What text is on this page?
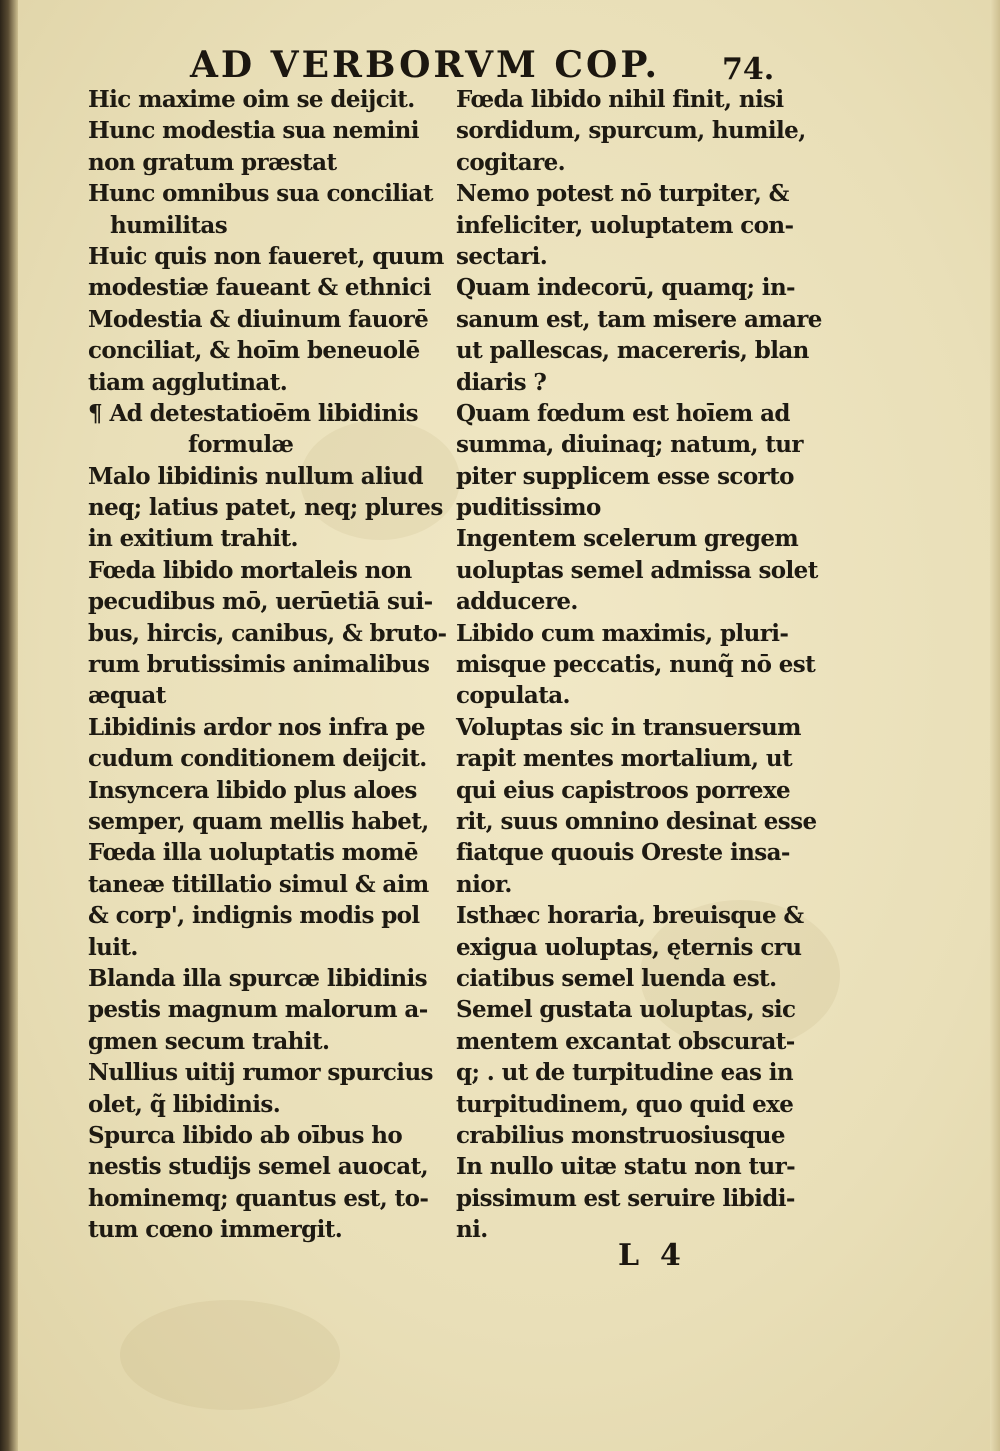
AD VERBORVM COP. 74.
Hic maxime oim se deijcit.
Hunc modestia sua nemini
non gratum præstat
Hunc omnibus sua conciliat
humilitas
Huic quis non faueret, quum
modestiæ faueant & ethnici
Modestia & diuinum fauorē
conciliat, & hoīm beneuolē
tiam agglutinat.
¶ Ad detestatioēm libidinis
formulæ
Malo libidinis nullum aliud
neq; latius patet, neq; plures
in exitium trahit.
Fœda libido mortaleis non
pecudibus mō, uerūetiā sui-
bus, hircis, canibus, & bruto-
rum brutissimis animalibus
æquat
Libidinis ardor nos infra pe
cudum conditionem deijcit.
Insyncera libido plus aloes
semper, quam mellis habet,
Fœda illa uoluptatis momē
taneæ titillatio simul & aim
& corp', indignis modis pol
luit.
Blanda illa spurcæ libidinis
pestis magnum malorum a-
gmen secum trahit.
Nullius uitij rumor spurcius
olet, q̃ libidinis.
Spurca libido ab oībus ho
nestis studijs semel auocat,
hominemq; quantus est, to-
tum cœno immergit.
Fœda libido nihil finit, nisi
sordidum, spurcum, humile,
cogitare.
Nemo potest nō turpiter, &
infeliciter, uoluptatem con-
sectari.
Quam indecorū, quamq; in-
sanum est, tam misere amare
ut pallescas, macereris, blan
diaris ?
Quam fœdum est hoīem ad
summa, diuinaq; natum, tur
piter supplicem esse scorto
puditissimo
Ingentem scelerum gregem
uoluptas semel admissa solet
adducere.
Libido cum maximis, pluri-
misque peccatis, nunq̃ nō est
copulata.
Voluptas sic in transuersum
rapit mentes mortalium, ut
qui eius capistroos porrexe
rit, suus omnino desinat esse
fiatque quouis Oreste insa-
nior.
Isthæc horaria, breuisque &
exigua uoluptas, ęternis cru
ciatibus semel luenda est.
Semel gustata uoluptas, sic
mentem excantat obscurat-
q; . ut de turpitudine eas in
turpitudinem, quo quid exe
crabilius monstruosiusque
In nullo uitæ statu non tur-
pissimum est seruire libidi-
ni.
L  4
